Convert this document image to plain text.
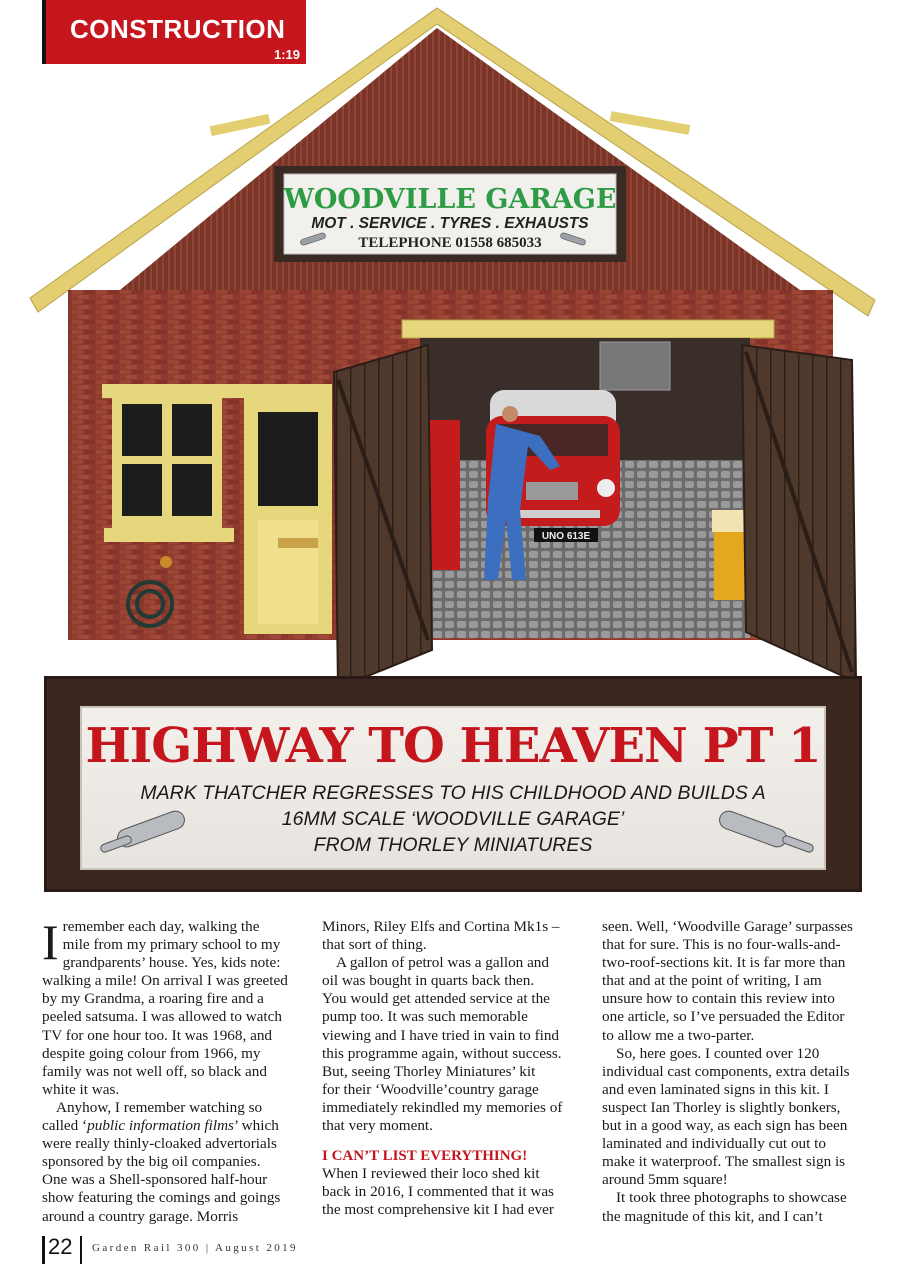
CONSTRUCTION
1:19
WOODVILLE GARAGE
MOT . SERVICE . TYRES . EXHAUSTS
TELEPHONE 01558 685033
UNO 613E
HIGHWAY TO HEAVEN PT 1
MARK THATCHER REGRESSES TO HIS CHILDHOOD AND BUILDS A
16MM SCALE ‘WOODVILLE GARAGE’
FROM THORLEY MINIATURES

I remember each day, walking the
mile from my primary school to my
grandparents’ house. Yes, kids note:
walking a mile! On arrival I was greeted
by my Grandma, a roaring fire and a
peeled satsuma. I was allowed to watch
TV for one hour too. It was 1968, and
despite going colour from 1966, my
family was not well off, so black and
white it was.

Anyhow, I remember watching so
called ‘public information films’ which
were really thinly-cloaked advertorials
sponsored by the big oil companies.
One was a Shell-sponsored half-hour
show featuring the comings and goings
around a country garage. Morris

Minors, Riley Elfs and Cortina Mk1s –
that sort of thing.

A gallon of petrol was a gallon and
oil was bought in quarts back then.
You would get attended service at the
pump too. It was such memorable
viewing and I have tried in vain to find
this programme again, without success.
But, seeing Thorley Miniatures’ kit
for their ‘Woodville’country garage
immediately rekindled my memories of
that very moment.

I CAN’T LIST EVERYTHING!

When I reviewed their loco shed kit
back in 2016, I commented that it was
the most comprehensive kit I had ever

seen. Well, ‘Woodville Garage’ surpasses
that for sure. This is no four-walls-and-
two-roof-sections kit. It is far more than
that and at the point of writing, I am
unsure how to contain this review into
one article, so I’ve persuaded the Editor
to allow me a two-parter.

So, here goes. I counted over 120
individual cast components, extra details
and even laminated signs in this kit. I
suspect Ian Thorley is slightly bonkers,
but in a good way, as each sign has been
laminated and individually cut out to
make it waterproof. The smallest sign is
around 5mm square!

It took three photographs to showcase
the magnitude of this kit, and I can’t

22 Garden Rail 300 | August 2019
